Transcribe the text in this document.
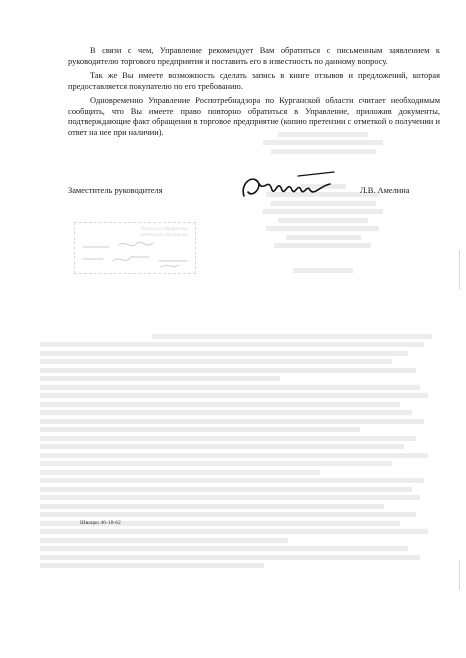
В связи с чем, Управление рекомендует Вам обратиться с письменным заявлением к руководителю торгового предприятия и поставить его в известность по данному вопросу.

Так же Вы имеете возможность сделать запись в книге отзывов и предложений, которая предоставляется покупателю по его требованию.

Одновременно Управление Роспотребнадзора по Курганской области считает необходимым сообщить, что Вы имеете право повторно обратиться в Управление, приложив документы, подтверждающие факт обращения в торговое предприятие (копию претензии с отметкой о получении и ответ на нее при наличии).

Заместитель руководителя	Л.В. Амелина
Печать на обращении отметка об обращении
Швацко 46-18-62
